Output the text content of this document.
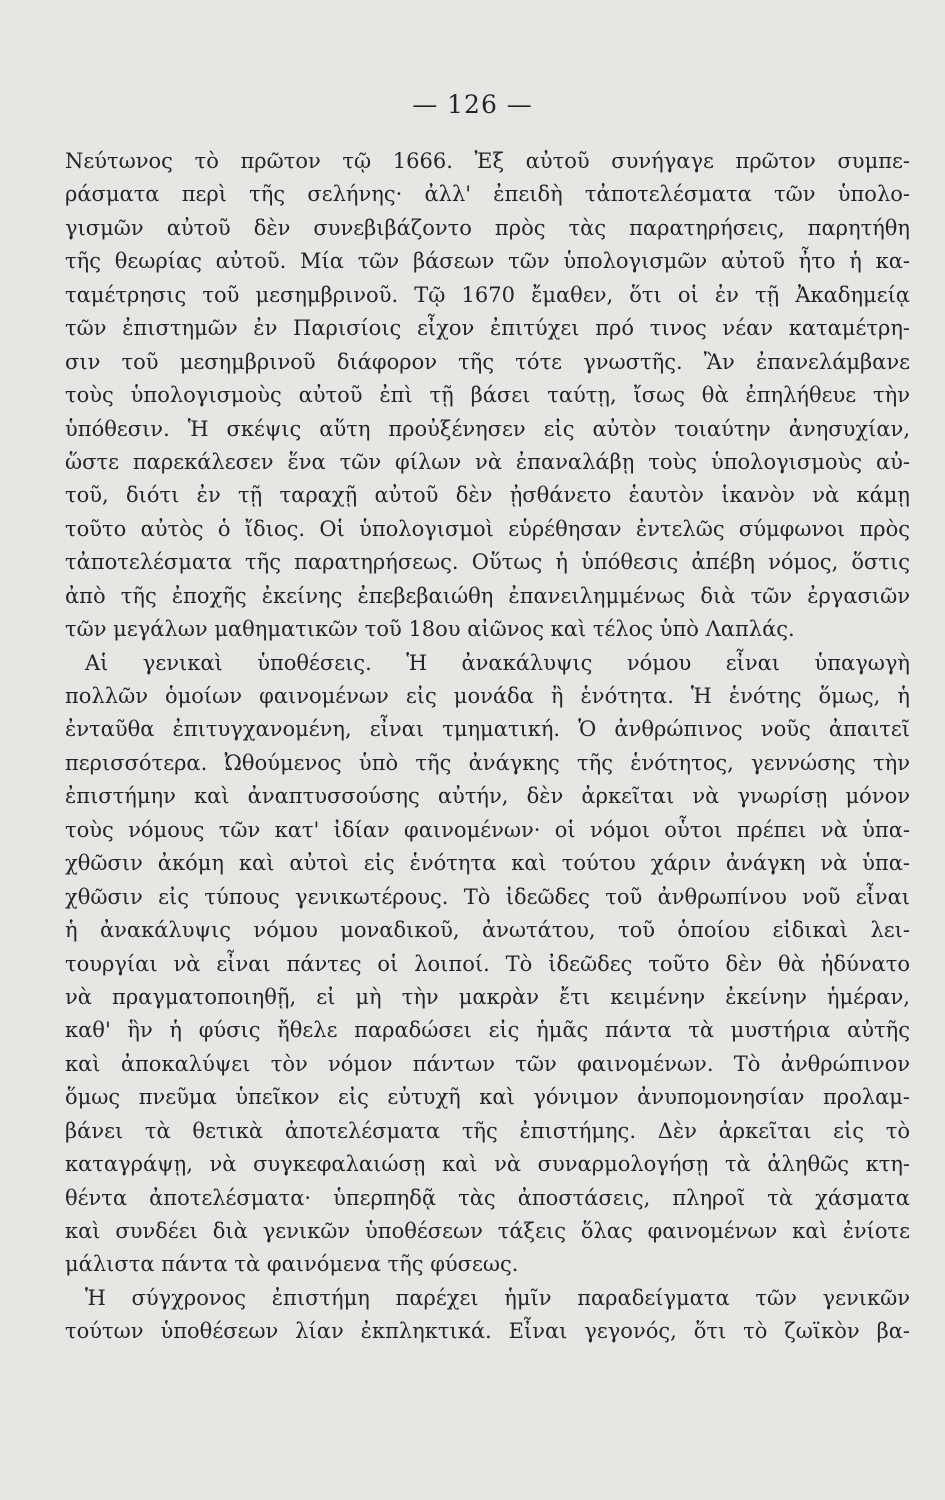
— 126 —
Νεύτωνος τὸ πρῶτον τῷ 1666. Ἐξ αὐτοῦ συνήγαγε πρῶτον συμπε-
ράσματα περὶ τῆς σελήνης· ἀλλ' ἐπειδὴ τἀποτελέσματα τῶν ὑπολο-
γισμῶν αὐτοῦ δὲν συνεβιβάζοντο πρὸς τὰς παρατηρήσεις, παρητήθη
τῆς θεωρίας αὐτοῦ. Μία τῶν βάσεων τῶν ὑπολογισμῶν αὐτοῦ ἦτο ἡ κα-
ταμέτρησις τοῦ μεσημβρινοῦ. Τῷ 1670 ἔμαθεν, ὅτι οἱ ἐν τῇ Ἀκαδημείᾳ
τῶν ἐπιστημῶν ἐν Παρισίοις εἶχον ἐπιτύχει πρό τινος νέαν καταμέτρη-
σιν τοῦ μεσημβρινοῦ διάφορον τῆς τότε γνωστῆς. Ἂν ἐπανελάμβανε
τοὺς ὑπολογισμοὺς αὐτοῦ ἐπὶ τῇ βάσει ταύτῃ, ἴσως θὰ ἐπηλήθευε τὴν
ὑπόθεσιν. Ἡ σκέψις αὕτη προὐξένησεν εἰς αὐτὸν τοιαύτην ἀνησυχίαν,
ὥστε παρεκάλεσεν ἕνα τῶν φίλων νὰ ἐπαναλάβῃ τοὺς ὑπολογισμοὺς αὐ-
τοῦ, διότι ἐν τῇ ταραχῇ αὐτοῦ δὲν ᾐσθάνετο ἑαυτὸν ἱκανὸν νὰ κάμῃ
τοῦτο αὐτὸς ὁ ἴδιος. Οἱ ὑπολογισμοὶ εὑρέθησαν ἐντελῶς σύμφωνοι πρὸς
τἀποτελέσματα τῆς παρατηρήσεως. Οὕτως ἡ ὑπόθεσις ἀπέβη νόμος, ὅστις
ἀπὸ τῆς ἐποχῆς ἐκείνης ἐπεβεβαιώθη ἐπανειλημμένως διὰ τῶν ἐργασιῶν
τῶν μεγάλων μαθηματικῶν τοῦ 18ου αἰῶνος καὶ τέλος ὑπὸ Λαπλάς.
Αἱ γενικαὶ ὑποθέσεις. Ἡ ἀνακάλυψις νόμου εἶναι ὑπαγωγὴ
πολλῶν ὁμοίων φαινομένων εἰς μονάδα ἢ ἑνότητα. Ἡ ἑνότης ὅμως, ἡ
ἐνταῦθα ἐπιτυγχανομένη, εἶναι τμηματική. Ὁ ἀνθρώπινος νοῦς ἀπαιτεῖ
περισσότερα. Ὠθούμενος ὑπὸ τῆς ἀνάγκης τῆς ἑνότητος, γεννώσης τὴν
ἐπιστήμην καὶ ἀναπτυσσούσης αὐτήν, δὲν ἀρκεῖται νὰ γνωρίσῃ μόνον
τοὺς νόμους τῶν κατ' ἰδίαν φαινομένων· οἱ νόμοι οὗτοι πρέπει νὰ ὑπα-
χθῶσιν ἀκόμη καὶ αὐτοὶ εἰς ἑνότητα καὶ τούτου χάριν ἀνάγκη νὰ ὑπα-
χθῶσιν εἰς τύπους γενικωτέρους. Τὸ ἰδεῶδες τοῦ ἀνθρωπίνου νοῦ εἶναι
ἡ ἀνακάλυψις νόμου μοναδικοῦ, ἀνωτάτου, τοῦ ὁποίου εἰδικαὶ λει-
τουργίαι νὰ εἶναι πάντες οἱ λοιποί. Τὸ ἰδεῶδες τοῦτο δὲν θὰ ἠδύνατο
νὰ πραγματοποιηθῇ, εἰ μὴ τὴν μακρὰν ἔτι κειμένην ἐκείνην ἡμέραν,
καθ' ἣν ἡ φύσις ἤθελε παραδώσει εἰς ἡμᾶς πάντα τὰ μυστήρια αὐτῆς
καὶ ἀποκαλύψει τὸν νόμον πάντων τῶν φαινομένων. Τὸ ἀνθρώπινον
ὅμως πνεῦμα ὑπεῖκον εἰς εὐτυχῆ καὶ γόνιμον ἀνυπομονησίαν προλαμ-
βάνει τὰ θετικὰ ἀποτελέσματα τῆς ἐπιστήμης. Δὲν ἀρκεῖται εἰς τὸ
καταγράψῃ, νὰ συγκεφαλαιώσῃ καὶ νὰ συναρμολογήσῃ τὰ ἀληθῶς κτη-
θέντα ἀποτελέσματα· ὑπερπηδᾷ τὰς ἀποστάσεις, πληροῖ τὰ χάσματα
καὶ συνδέει διὰ γενικῶν ὑποθέσεων τάξεις ὅλας φαινομένων καὶ ἐνίοτε
μάλιστα πάντα τὰ φαινόμενα τῆς φύσεως.
Ἡ σύγχρονος ἐπιστήμη παρέχει ἡμῖν παραδείγματα τῶν γενικῶν
τούτων ὑποθέσεων λίαν ἐκπληκτικά. Εἶναι γεγονός, ὅτι τὸ ζωϊκὸν βα-
